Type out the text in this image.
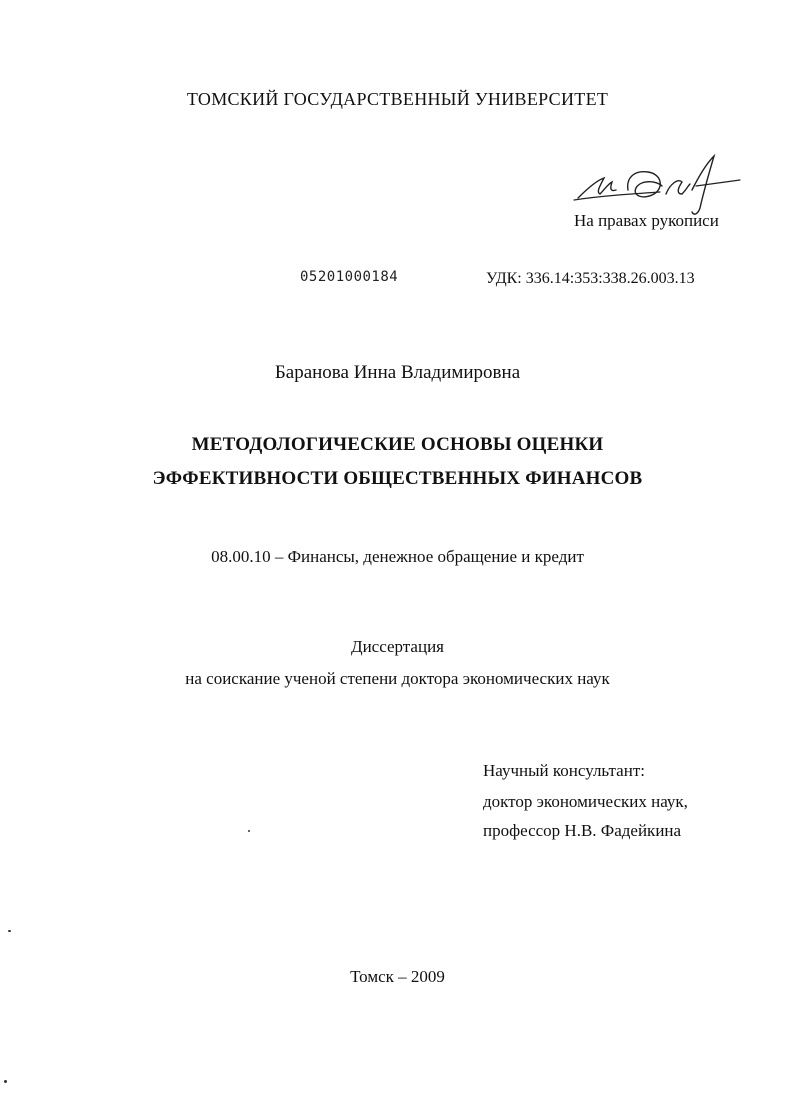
ТОМСКИЙ ГОСУДАРСТВЕННЫЙ УНИВЕРСИТЕТ
На правах рукописи
05201000184	УДК: 336.14:353:338.26.003.13
Баранова Инна Владимировна
МЕТОДОЛОГИЧЕСКИЕ ОСНОВЫ ОЦЕНКИ
ЭФФЕКТИВНОСТИ ОБЩЕСТВЕННЫХ ФИНАНСОВ
08.00.10 – Финансы, денежное обращение и кредит
Диссертация
на соискание ученой степени доктора экономических наук
Научный консультант:
доктор экономических наук,
профессор Н.В. Фадейкина
Томск – 2009
